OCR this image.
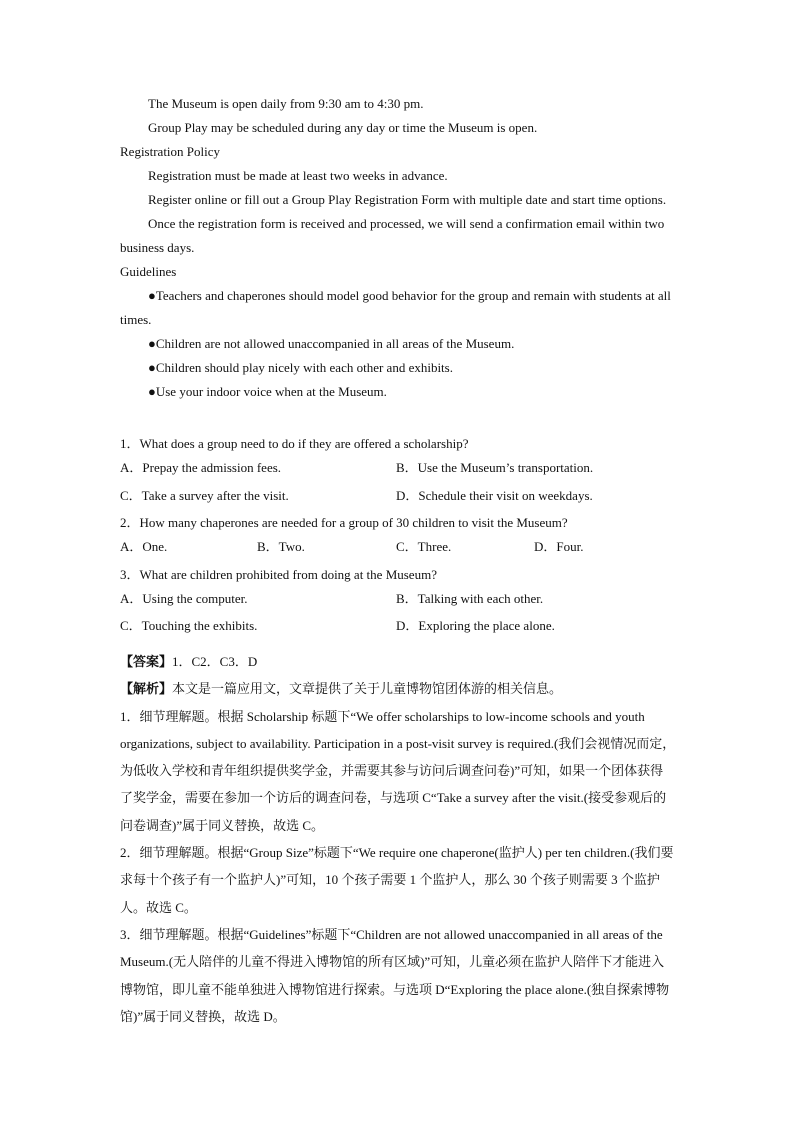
The Museum is open daily from 9:30 am to 4:30 pm.

Group Play may be scheduled during any day or time the Museum is open.

Registration Policy

Registration must be made at least two weeks in advance.

Register online or fill out a Group Play Registration Form with multiple date and start time options.

Once the registration form is received and processed, we will send a confirmation email within two business days.

Guidelines

●Teachers and chaperones should model good behavior for the group and remain with students at all times.

●Children are not allowed unaccompanied in all areas of the Museum.

●Children should play nicely with each other and exhibits.

●Use your indoor voice when at the Museum.

1．What does a group need to do if they are offered a scholarship?

A．Prepay the admission fees.	B．Use the Museum’s transportation.
C．Take a survey after the visit.	D．Schedule their visit on weekdays.

2．How many chaperones are needed for a group of 30 children to visit the Museum?

A．One.	B．Two.	C．Three.	D．Four.

3．What are children prohibited from doing at the Museum?

A．Using the computer.	B．Talking with each other.
C．Touching the exhibits.	D．Exploring the place alone.

【答案】1．C2．C3．D

【解析】本文是一篇应用文，文章提供了关于儿童博物馆团体游的相关信息。

1．细节理解题。根据 Scholarship 标题下“We offer scholarships to low-income schools and youth organizations, subject to availability. Participation in a post-visit survey is required.(我们会视情况而定，为低收入学校和青年组织提供奖学金，并需要其参与访问后调查问卷)”可知，如果一个团体获得了奖学金，需要在参加一个访后的调查问卷，与选项 C“Take a survey after the visit.(接受参观后的问卷调查)”属于同义替换，故选 C。

2．细节理解题。根据“Group Size”标题下“We require one chaperone(监护人) per ten children.(我们要求每十个孩子有一个监护人)”可知，10 个孩子需要 1 个监护人，那么 30 个孩子则需要 3 个监护人。故选 C。

3．细节理解题。根据“Guidelines”标题下“Children are not allowed unaccompanied in all areas of the Museum.(无人陪伴的儿童不得进入博物馆的所有区域)”可知，儿童必须在监护人陪伴下才能进入博物馆，即儿童不能单独进入博物馆进行探索。与选项 D“Exploring the place alone.(独自探索博物馆)”属于同义替换，故选 D。
